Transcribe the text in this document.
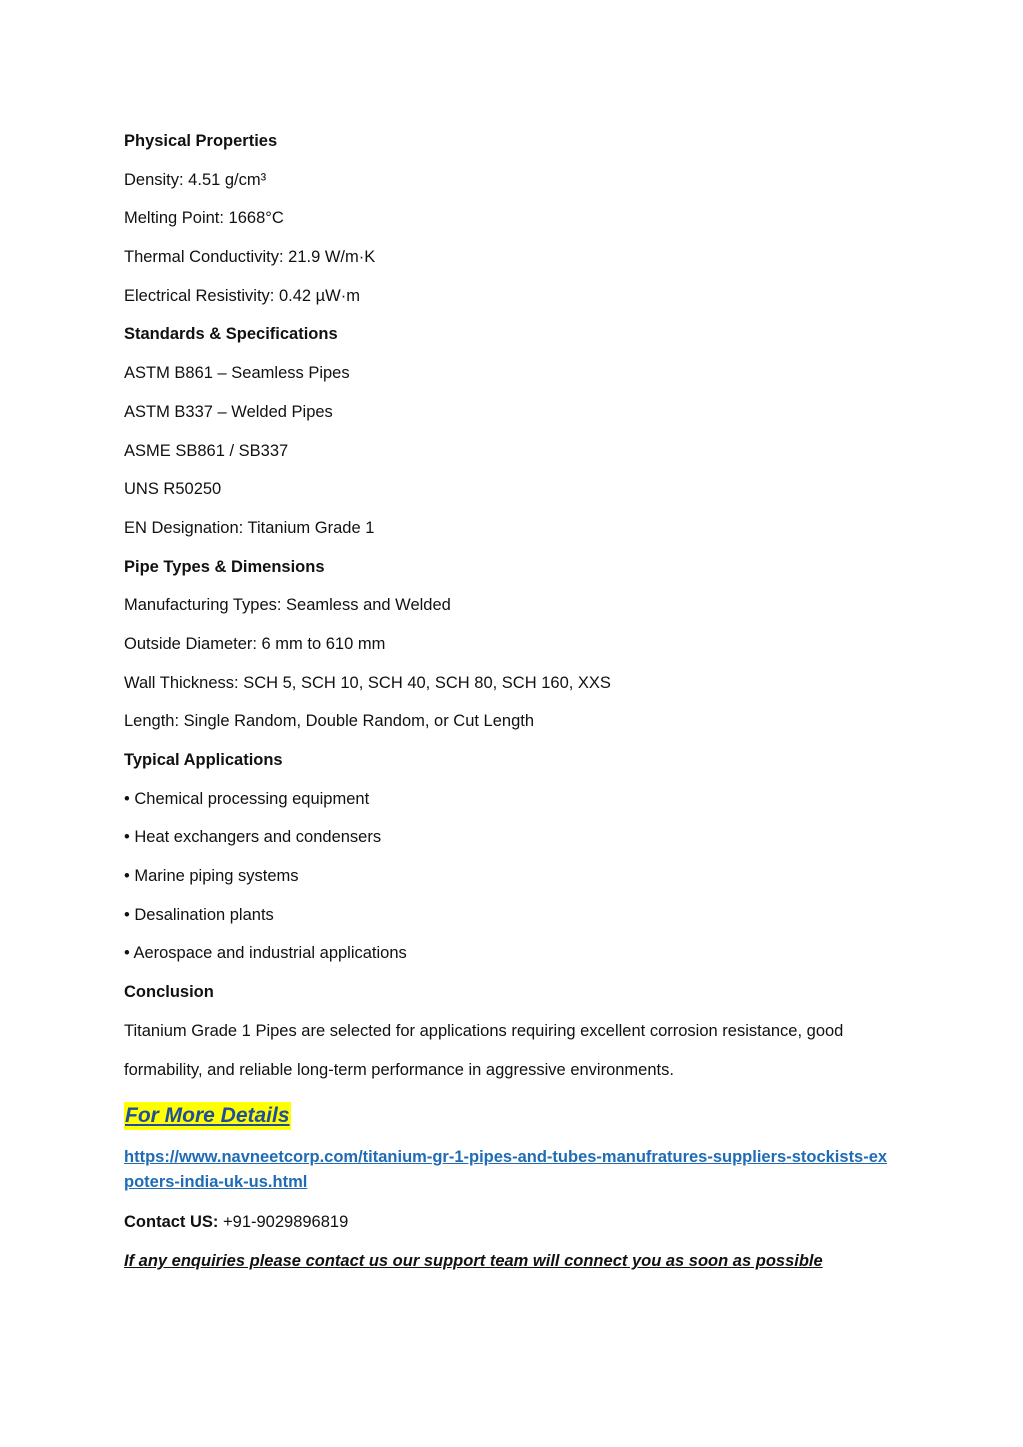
Physical Properties
Density: 4.51 g/cm³
Melting Point: 1668°C
Thermal Conductivity: 21.9 W/m·K
Electrical Resistivity: 0.42 µW·m
Standards & Specifications
ASTM B861 – Seamless Pipes
ASTM B337 – Welded Pipes
ASME SB861 / SB337
UNS R50250
EN Designation: Titanium Grade 1
Pipe Types & Dimensions
Manufacturing Types: Seamless and Welded
Outside Diameter: 6 mm to 610 mm
Wall Thickness: SCH 5, SCH 10, SCH 40, SCH 80, SCH 160, XXS
Length: Single Random, Double Random, or Cut Length
Typical Applications
• Chemical processing equipment
• Heat exchangers and condensers
• Marine piping systems
• Desalination plants
• Aerospace and industrial applications
Conclusion
Titanium Grade 1 Pipes are selected for applications requiring excellent corrosion resistance, good formability, and reliable long-term performance in aggressive environments.
For More Details
https://www.navneetcorp.com/titanium-gr-1-pipes-and-tubes-manufratures-suppliers-stockists-expoters-india-uk-us.html
Contact US: +91-9029896819
If any enquiries please contact us our support team will connect you as soon as possible
